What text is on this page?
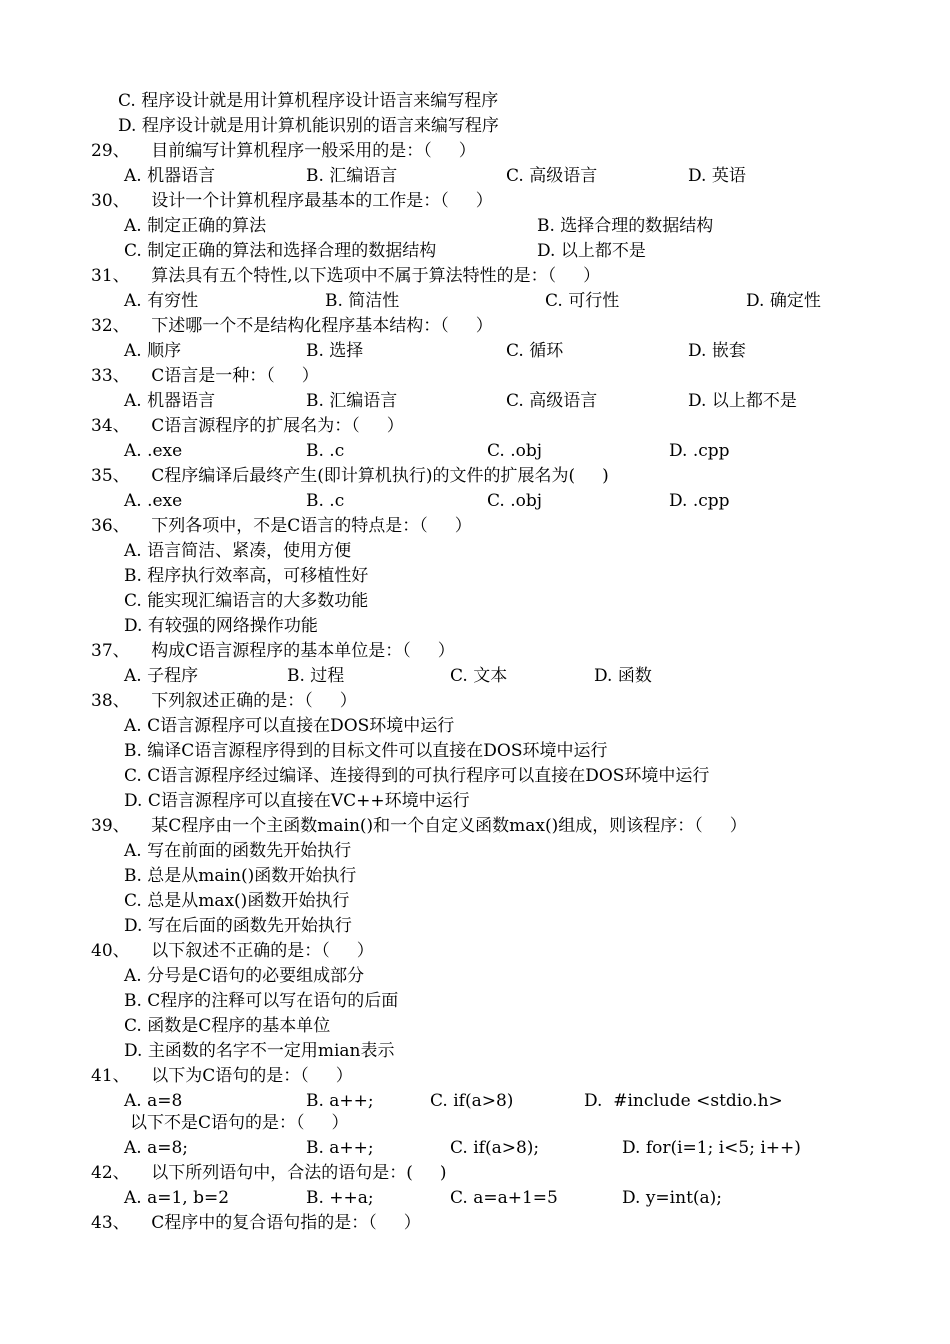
C. 程序设计就是用计算机程序设计语言来编写程序
D. 程序设计就是用计算机能识别的语言来编写程序
29、    目前编写计算机程序一般采用的是：（     ）
A. 机器语言	B. 汇编语言	C. 高级语言	D. 英语
30、    设计一个计算机程序最基本的工作是：（     ）
A. 制定正确的算法	B. 选择合理的数据结构
C. 制定正确的算法和选择合理的数据结构	D. 以上都不是
31、    算法具有五个特性,以下选项中不属于算法特性的是：（     ）
A. 有穷性	B. 简洁性	C. 可行性	D. 确定性
32、    下述哪一个不是结构化程序基本结构：（     ）
A. 顺序	B. 选择	C. 循环	D. 嵌套
33、    C语言是一种：（     ）
A. 机器语言	B. 汇编语言	C. 高级语言	D. 以上都不是
34、    C语言源程序的扩展名为：（     ）
A. .exe	B. .c	C. .obj	D. .cpp
35、    C程序编译后最终产生(即计算机执行)的文件的扩展名为(     )
A. .exe	B. .c	C. .obj	D. .cpp
36、    下列各项中，不是C语言的特点是：（     ）
A. 语言简洁、紧凑，使用方便
B. 程序执行效率高，可移植性好
C. 能实现汇编语言的大多数功能
D. 有较强的网络操作功能
37、    构成C语言源程序的基本单位是：（     ）
A. 子程序	B. 过程	C. 文本	D. 函数
38、    下列叙述正确的是：（     ）
A. C语言源程序可以直接在DOS环境中运行
B. 编译C语言源程序得到的目标文件可以直接在DOS环境中运行
C. C语言源程序经过编译、连接得到的可执行程序可以直接在DOS环境中运行
D. C语言源程序可以直接在VC++环境中运行
39、    某C程序由一个主函数main()和一个自定义函数max()组成，则该程序：（     ）
A. 写在前面的函数先开始执行
B. 总是从main()函数开始执行
C. 总是从max()函数开始执行
D. 写在后面的函数先开始执行
40、    以下叙述不正确的是：（     ）
A. 分号是C语句的必要组成部分
B. C程序的注释可以写在语句的后面
C. 函数是C程序的基本单位
D. 主函数的名字不一定用mian表示
41、    以下为C语句的是：（     ）
A. a=8	B. a++;	C. if(a>8)	D.  #include <stdio.h>
以下不是C语句的是：（     ）
A. a=8;	B. a++;	C. if(a>8);	D. for(i=1; i<5; i++)
42、    以下所列语句中，合法的语句是：(     )
A. a=1, b=2	B. ++a;	C. a=a+1=5	D. y=int(a);
43、    C程序中的复合语句指的是：（     ）
